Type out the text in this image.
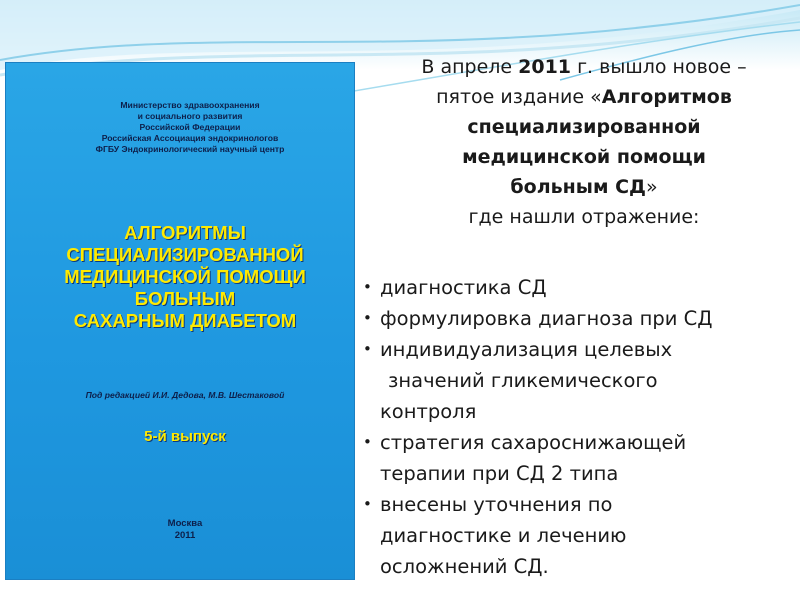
Министерство здравоохранения
и социального развития
Российской Федерации
Российская Ассоциация эндокринологов
ФГБУ Эндокринологический научный центр
АЛГОРИТМЫ
СПЕЦИАЛИЗИРОВАННОЙ
МЕДИЦИНСКОЙ ПОМОЩИ
БОЛЬНЫМ
САХАРНЫМ ДИАБЕТОМ
Под редакцией И.И. Дедова, М.В. Шестаковой
5-й выпуск
Москва
2011
В апреле 2011 г. вышло новое –
пятое издание «Алгоритмов
специализированной
медицинской помощи
больным СД»
где нашли отражение:
• диагностика СД
• формулировка диагноза при СД
• индивидуализация целевых
значений гликемического
контроля
• стратегия сахароснижающей
терапии при СД 2 типа
• внесены уточнения по
диагностике и лечению
осложнений СД.
